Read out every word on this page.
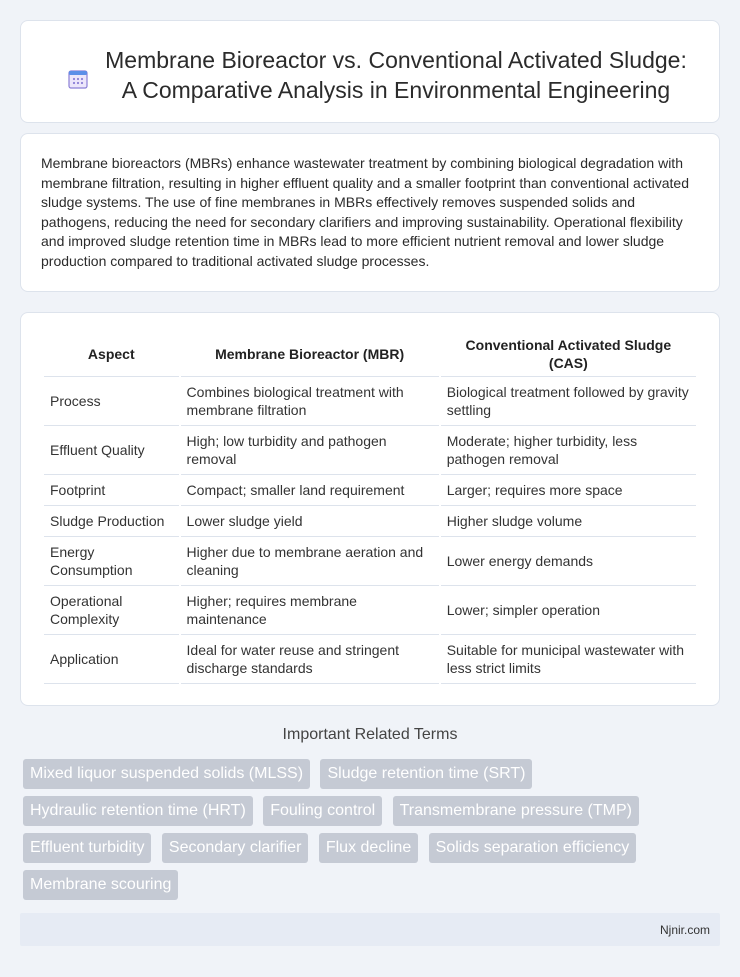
Membrane Bioreactor vs. Conventional Activated Sludge:
A Comparative Analysis in Environmental Engineering

Membrane bioreactors (MBRs) enhance wastewater treatment by combining biological degradation with membrane filtration, resulting in higher effluent quality and a smaller footprint than conventional activated sludge systems. The use of fine membranes in MBRs effectively removes suspended solids and pathogens, reducing the need for secondary clarifiers and improving sustainability. Operational flexibility and improved sludge retention time in MBRs lead to more efficient nutrient removal and lower sludge production compared to traditional activated sludge processes.

Aspect	Membrane Bioreactor (MBR)	Conventional Activated Sludge (CAS)
Process	Combines biological treatment with membrane filtration	Biological treatment followed by gravity settling
Effluent Quality	High; low turbidity and pathogen removal	Moderate; higher turbidity, less pathogen removal
Footprint	Compact; smaller land requirement	Larger; requires more space
Sludge Production	Lower sludge yield	Higher sludge volume
Energy Consumption	Higher due to membrane aeration and cleaning	Lower energy demands
Operational Complexity	Higher; requires membrane maintenance	Lower; simpler operation
Application	Ideal for water reuse and stringent discharge standards	Suitable for municipal wastewater with less strict limits
Important Related Terms
Mixed liquor suspended solids (MLSS) Sludge retention time (SRT) Hydraulic retention time (HRT) Fouling control Transmembrane pressure (TMP) Effluent turbidity Secondary clarifier Flux decline Solids separation efficiency Membrane scouring
Njnir.com
